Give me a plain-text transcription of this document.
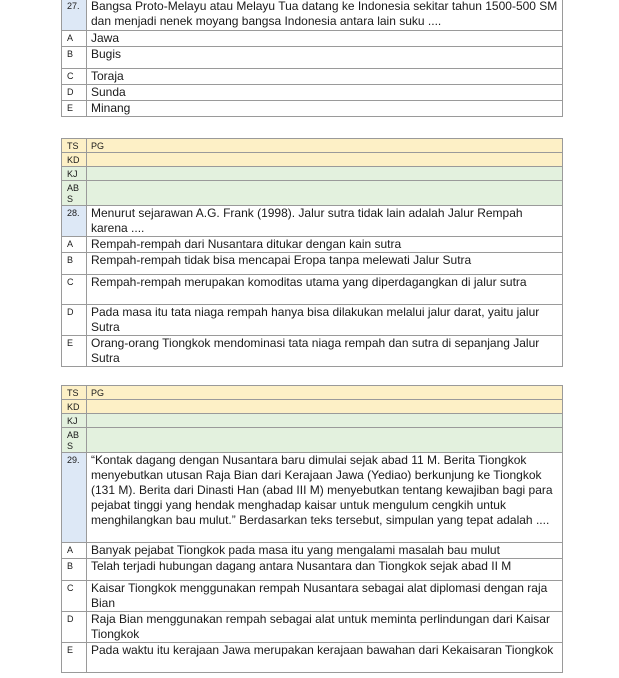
27.	Bangsa Proto-Melayu atau Melayu Tua datang ke Indonesia sekitar tahun 1500-500 SM dan menjadi nenek moyang bangsa Indonesia antara lain suku ....
A	Jawa
B	Bugis
C	Toraja
D	Sunda
E	Minang
TS	PG
KD	
KJ	
AB S	
28.	Menurut sejarawan A.G. Frank (1998). Jalur sutra tidak lain adalah Jalur Rempah karena ....
A	Rempah-rempah dari Nusantara ditukar dengan kain sutra
B	Rempah-rempah tidak bisa mencapai Eropa tanpa melewati Jalur Sutra
C	Rempah-rempah merupakan komoditas utama yang diperdagangkan di jalur sutra
D	Pada masa itu tata niaga rempah hanya bisa dilakukan melalui jalur darat, yaitu jalur Sutra
E	Orang-orang Tiongkok mendominasi tata niaga rempah dan sutra di sepanjang Jalur Sutra
TS	PG
KD	
KJ	
AB S	
29.	“Kontak dagang dengan Nusantara baru dimulai sejak abad 11 M. Berita Tiongkok menyebutkan utusan Raja Bian dari Kerajaan Jawa (Yediao) berkunjung ke Tiongkok (131 M). Berita dari Dinasti Han (abad III M) menyebutkan tentang kewajiban bagi para pejabat tinggi yang hendak menghadap kaisar untuk mengulum cengkih untuk menghilangkan bau mulut.” Berdasarkan teks tersebut, simpulan yang tepat adalah ....
A	Banyak pejabat Tiongkok pada masa itu yang mengalami masalah bau mulut
B	Telah terjadi hubungan dagang antara Nusantara dan Tiongkok sejak abad II M
C	Kaisar Tiongkok menggunakan rempah Nusantara sebagai alat diplomasi dengan raja Bian
D	Raja Bian menggunakan rempah sebagai alat untuk meminta perlindungan dari Kaisar Tiongkok
E	Pada waktu itu kerajaan Jawa merupakan kerajaan bawahan dari Kekaisaran Tiongkok
